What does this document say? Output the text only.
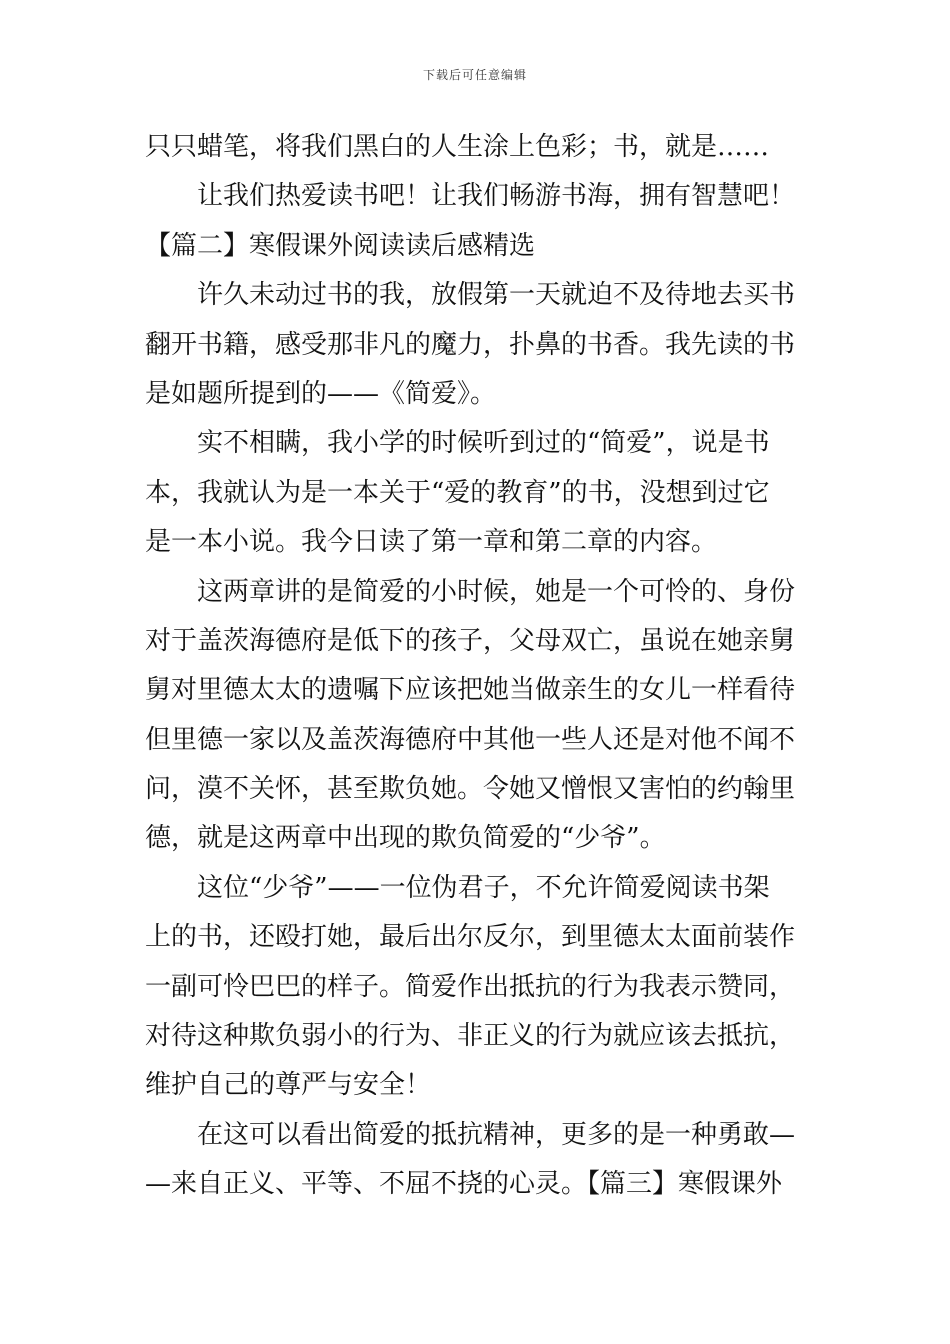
下载后可任意编辑
只只蜡笔，将我们黑白的人生涂上色彩；书，就是……
让我们热爱读书吧！让我们畅游书海，拥有智慧吧！
【篇二】寒假课外阅读读后感精选
许久未动过书的我，放假第一天就迫不及待地去买书
翻开书籍，感受那非凡的魔力，扑鼻的书香。我先读的书
是如题所提到的——《简爱》。
实不相瞒，我小学的时候听到过的“简爱”，说是书
本，我就认为是一本关于“爱的教育”的书，没想到过它
是一本小说。我今日读了第一章和第二章的内容。
这两章讲的是简爱的小时候，她是一个可怜的、身份
对于盖茨海德府是低下的孩子，父母双亡，虽说在她亲舅
舅对里德太太的遗嘱下应该把她当做亲生的女儿一样看待
但里德一家以及盖茨海德府中其他一些人还是对他不闻不
问，漠不关怀，甚至欺负她。令她又憎恨又害怕的约翰里
德，就是这两章中出现的欺负简爱的“少爷”。
这位“少爷”——一位伪君子，不允许简爱阅读书架
上的书，还殴打她，最后出尔反尔，到里德太太面前装作
一副可怜巴巴的样子。简爱作出抵抗的行为我表示赞同，
对待这种欺负弱小的行为、非正义的行为就应该去抵抗，
维护自己的尊严与安全！
在这可以看出简爱的抵抗精神，更多的是一种勇敢—
—来自正义、平等、不屈不挠的心灵。【篇三】寒假课外
